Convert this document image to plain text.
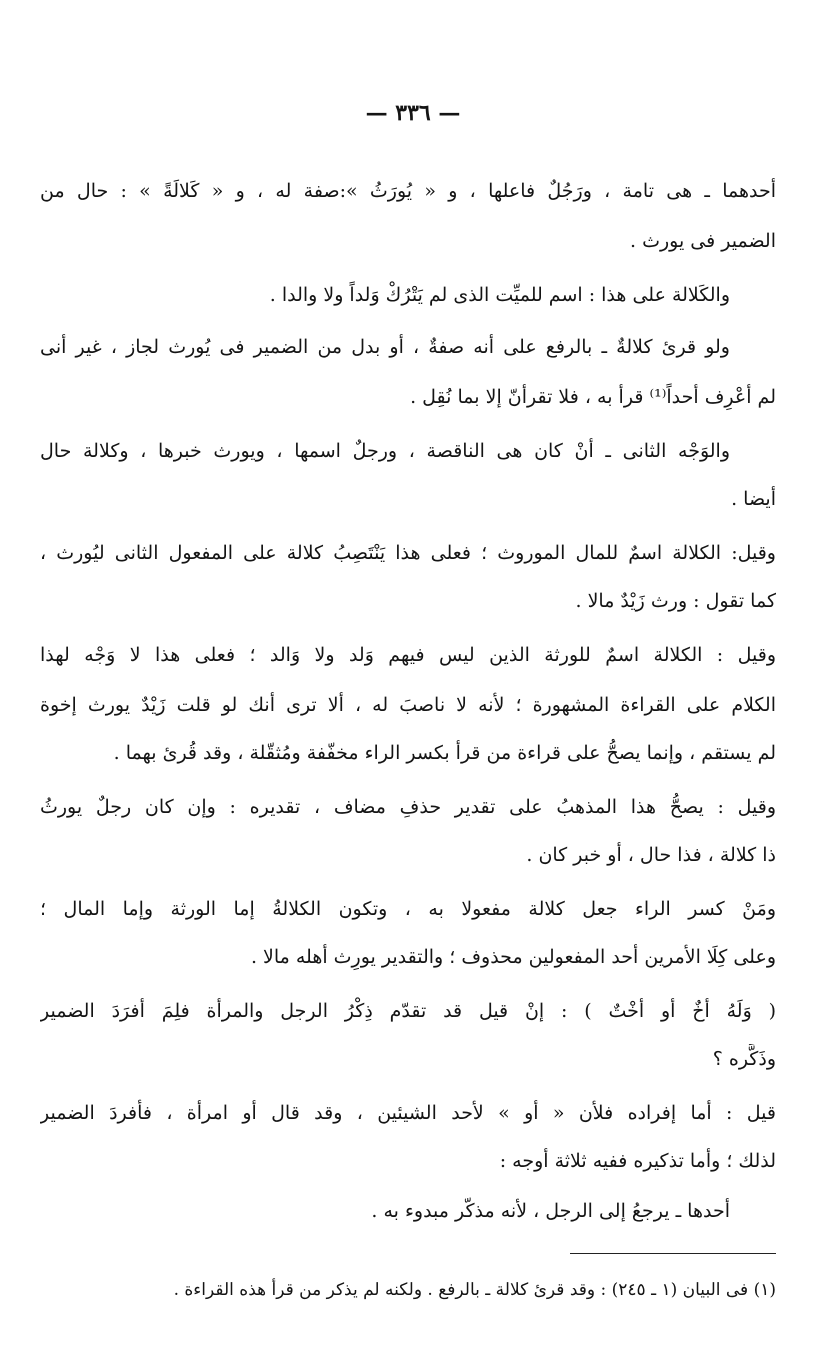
— ٣٣٦ —
أحدهما ـ هى تامة ، ورَجُلٌ فاعلها ، و « يُورَثُ »:صفة له ، و « كَلالَةً » : حال من
الضمير فى يورث .
والكَلالة على هذا : اسم للميِّت الذى لم يَتْرُكْ وَلداً ولا والدا .
ولو قرئ كلالةٌ ـ بالرفع على أنه صفةٌ ، أو بدل من الضمير فى يُورث لجاز ، غير أنى
لم أعْرِف أحداً⁽¹⁾ قرأ به ، فلا تقرأنّ إلا بما نُقِل .
والوَجْه الثانى ـ أنْ كان هى الناقصة ، ورجلٌ اسمها ، ويورث خبرها ، وكلالة حال
أيضا .
وقيل: الكلالة اسمٌ للمال الموروث ؛ فعلى هذا يَنْتَصِبُ كلالة على المفعول الثانى ليُورث ،
كما تقول : ورث زَيْدٌ مالا .
وقيل : الكلالة اسمٌ للورثة الذين ليس فيهم وَلد ولا وَالد ؛ فعلى هذا لا وَجْه لهذا
الكلام على القراءة المشهورة ؛ لأنه لا ناصبَ له ، ألا ترى أنك لو قلت زَيْدٌ يورث إخوة
لم يستقم ، وإنما يصحُّ على قراءة من قرأ بكسر الراء مخفّفة ومُثقّلة ، وقد قُرئ بهما .
وقيل : يصحُّ هذا المذهبُ على تقدير حذفِ مضاف ، تقديره : وإن كان رجلٌ يورثُ
ذا كلالة ، فذا حال ، أو خبر كان .
ومَنْ كسر الراء جعل كلالة مفعولا به ، وتكون الكلالةُ إما الورثة وإما المال ؛
وعلى كِلَا الأمرين أحد المفعولين محذوف ؛ والتقدير يورِث أهله مالا .
( وَلَهُ أخٌ أو أخْتٌ ) : إنْ قيل قد تقدّم ذِكْرُ الرجل والمرأة فلِمَ أفرَدَ الضمير
وذَكَّره ؟
قيل : أما إفراده فلأن « أو » لأحد الشيئين ، وقد قال أو امرأة ، فأفردَ الضمير
لذلك ؛ وأما تذكيره ففيه ثلاثة أوجه :
أحدها ـ يرجعُ إلى الرجل ، لأنه مذكّر مبدوء به .
(١) فى البيان (١ ـ ٢٤٥) : وقد قرئ كلالة ـ بالرفع . ولكنه لم يذكر من قرأ هذه القراءة .
